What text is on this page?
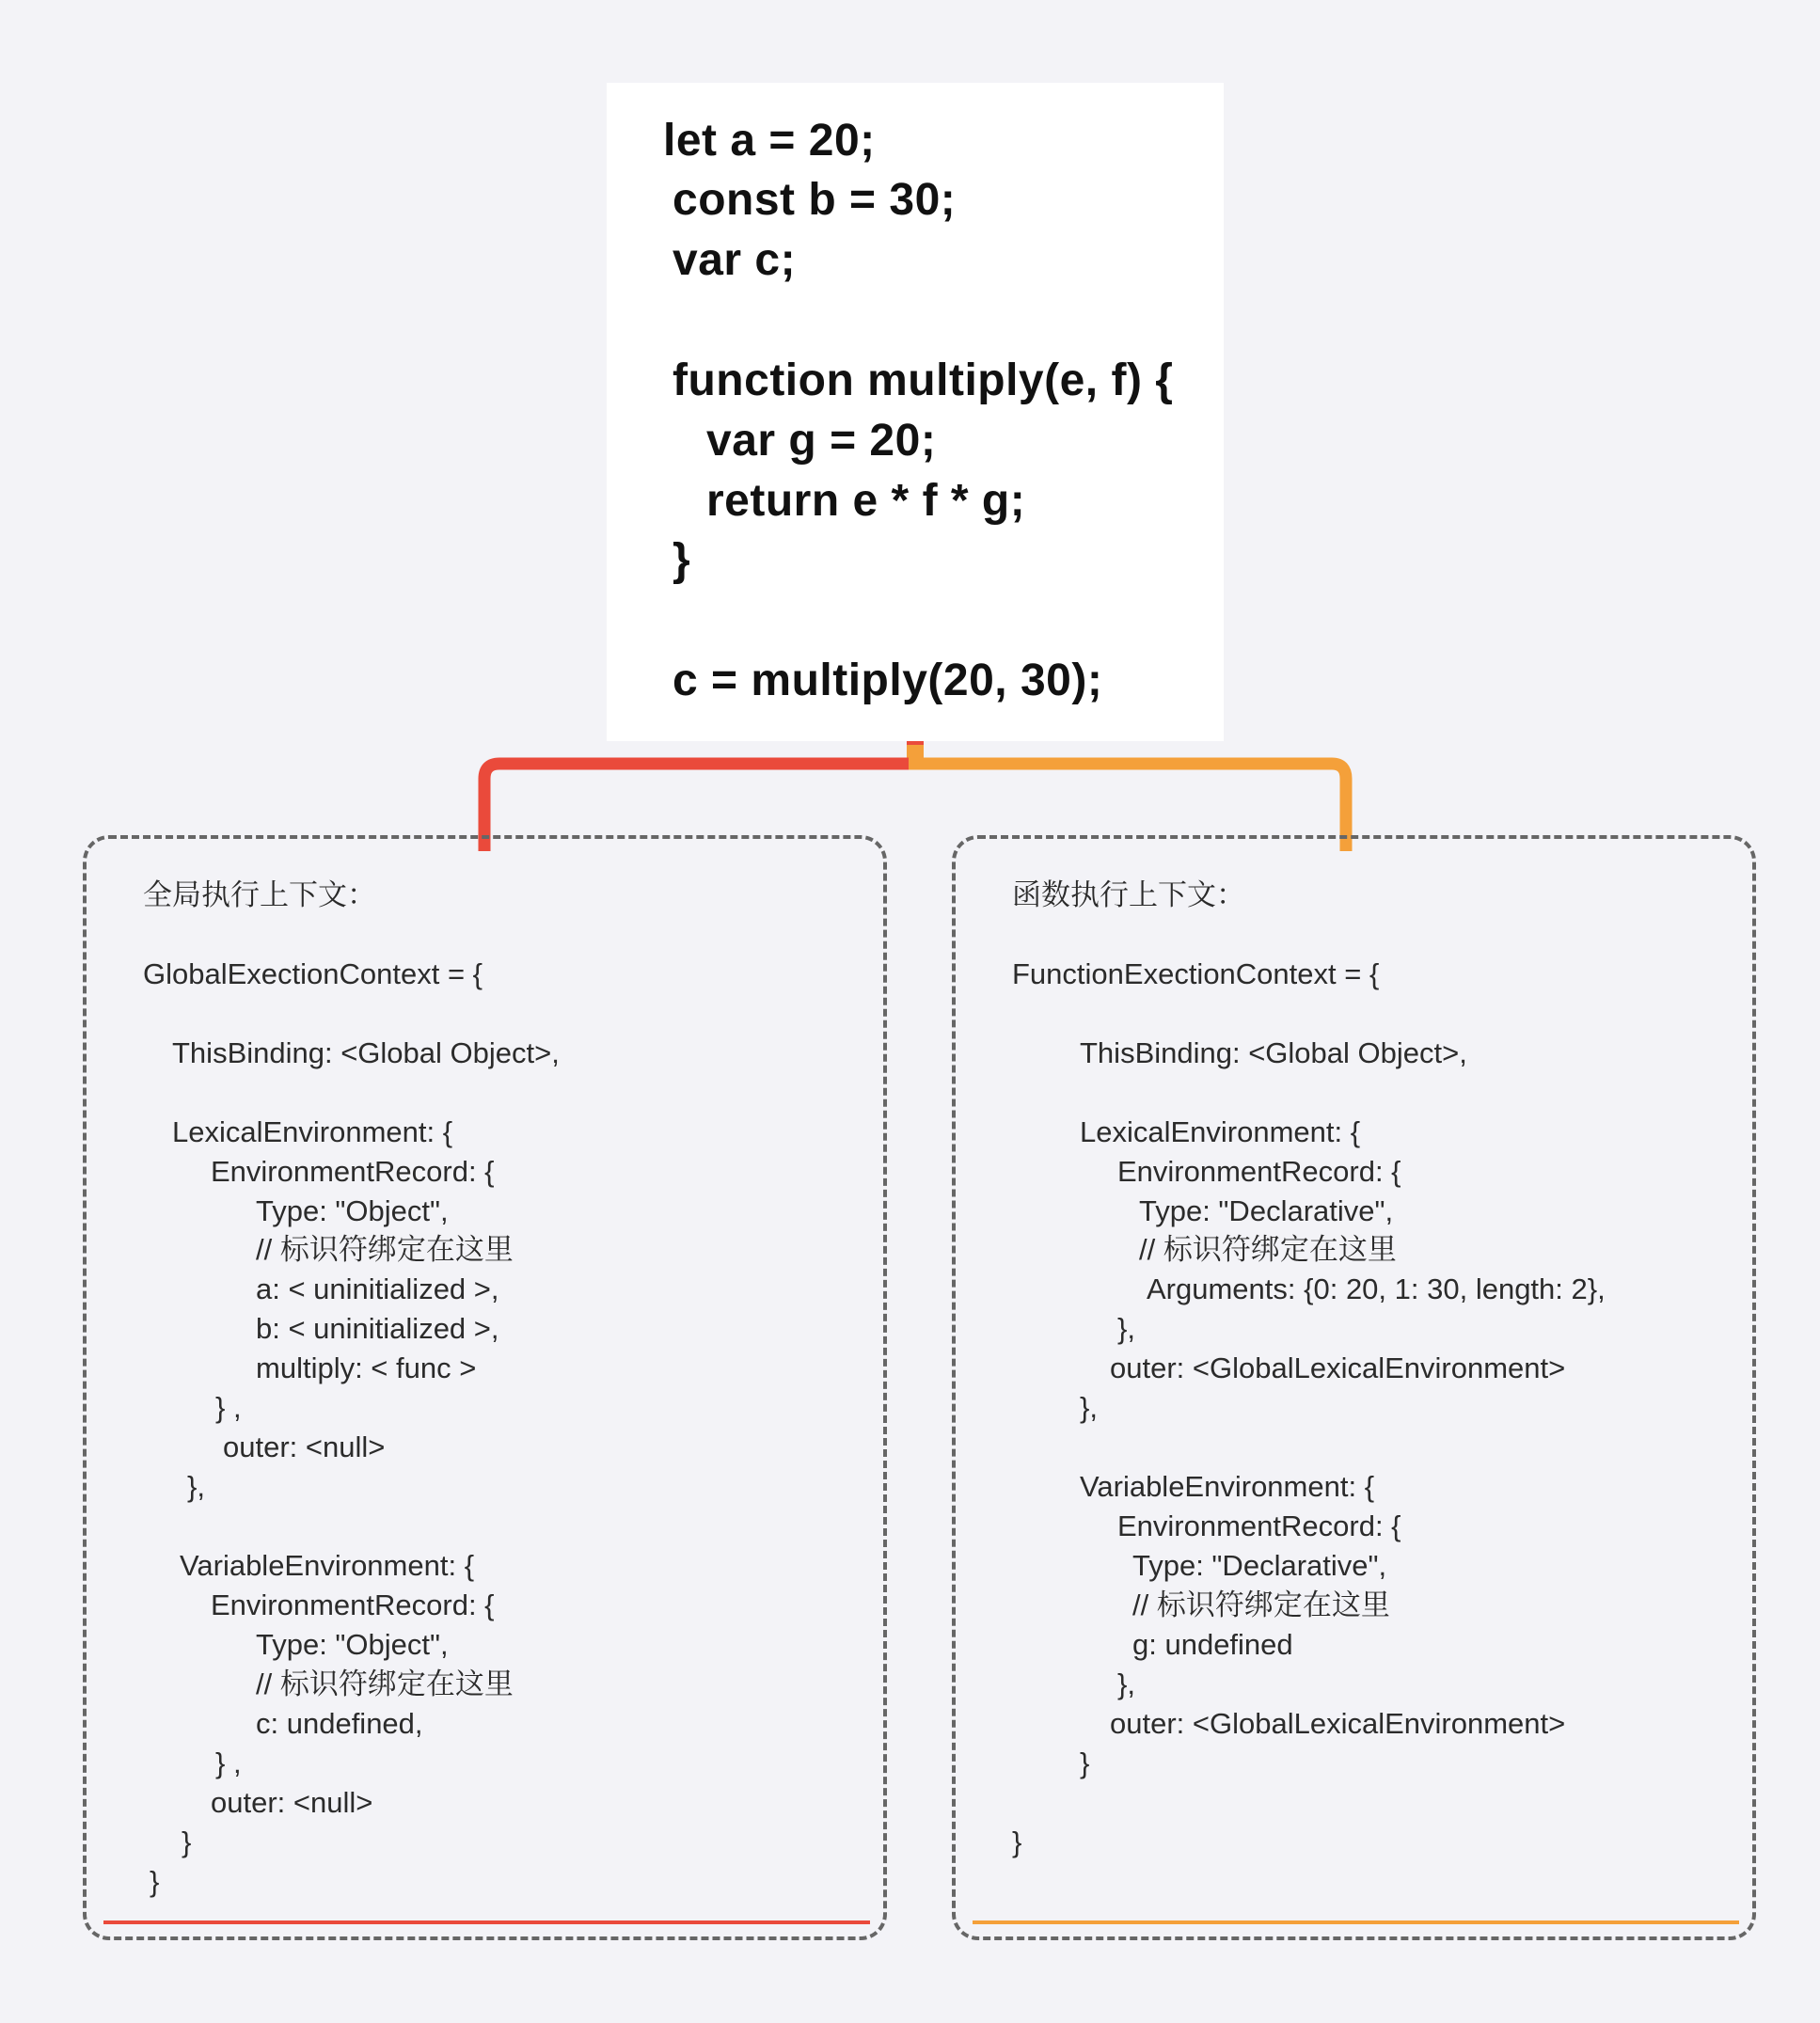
let a = 20;
const b = 30;
var c;
function multiply(e, f) {
var g = 20;
return e * f * g;
}
c = multiply(20, 30);
全局执行上下文：
GlobalExectionContext = {
ThisBinding: <Global Object>,
LexicalEnvironment: {
EnvironmentRecord: {
Type: "Object",
// 标识符绑定在这里
a: < uninitialized >,
b: < uninitialized >,
multiply: < func >
} ,
outer: <null>
},
VariableEnvironment: {
EnvironmentRecord: {
Type: "Object",
// 标识符绑定在这里
c: undefined,
} ,
outer: <null>
}
}
函数执行上下文：
FunctionExectionContext = {
ThisBinding: <Global Object>,
LexicalEnvironment: {
EnvironmentRecord: {
Type: "Declarative",
// 标识符绑定在这里
Arguments: {0: 20, 1: 30, length: 2},
},
outer: <GlobalLexicalEnvironment>
},
VariableEnvironment: {
EnvironmentRecord: {
Type: "Declarative",
// 标识符绑定在这里
g: undefined
},
outer: <GlobalLexicalEnvironment>
}
}
